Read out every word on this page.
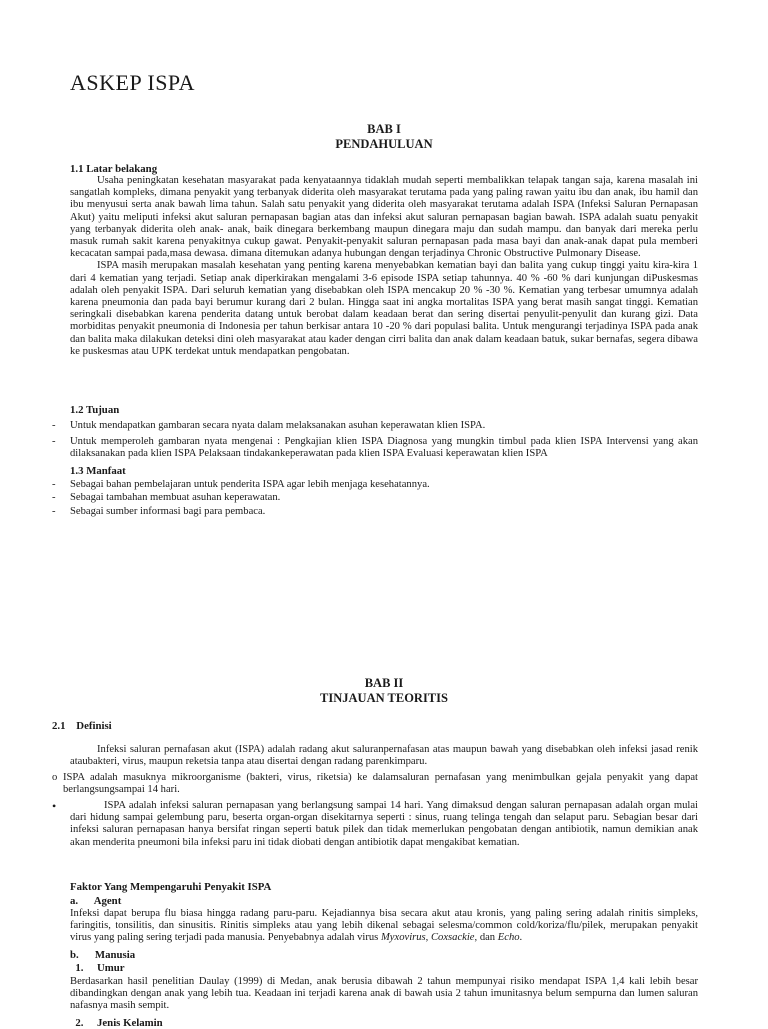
ASKEP ISPA
BAB I
PENDAHULUAN
1.1 Latar belakang

Usaha peningkatan kesehatan masyarakat pada kenyataannya tidaklah mudah seperti membalikkan telapak tangan saja, karena masalah ini sangatlah kompleks, dimana penyakit yang terbanyak diderita oleh masyarakat terutama pada yang paling rawan yaitu ibu dan anak, ibu hamil dan ibu menyusui serta anak bawah lima tahun. Salah satu penyakit yang diderita oleh masyarakat terutama adalah ISPA (Infeksi Saluran Pernapasan Akut) yaitu meliputi infeksi akut saluran pernapasan bagian atas dan infeksi akut saluran pernapasan bagian bawah. ISPA adalah suatu penyakit yang terbanyak diderita oleh anak- anak, baik dinegara berkembang maupun dinegara maju dan sudah mampu. dan banyak dari mereka perlu masuk rumah sakit karena penyakitnya cukup gawat. Penyakit-penyakit saluran pernapasan pada masa bayi dan anak-anak dapat pula memberi kecacatan sampai pada,masa dewasa. dimana ditemukan adanya hubungan dengan terjadinya Chronic Obstructive Pulmonary Disease.

ISPA masih merupakan masalah kesehatan yang penting karena menyebabkan kematian bayi dan balita yang cukup tinggi yaitu kira-kira 1 dari 4 kematian yang terjadi. Setiap anak diperkirakan mengalami 3-6 episode ISPA setiap tahunnya. 40 % -60 % dari kunjungan diPuskesmas adalah oleh penyakit ISPA. Dari seluruh kematian yang disebabkan oleh ISPA mencakup 20 % -30 %. Kematian yang terbesar umumnya adalah karena pneumonia dan pada bayi berumur kurang dari 2 bulan. Hingga saat ini angka mortalitas ISPA yang berat masih sangat tinggi. Kematian seringkali disebabkan karena penderita datang untuk berobat dalam keadaan berat dan sering disertai penyulit-penyulit dan kurang gizi. Data morbiditas penyakit pneumonia di Indonesia per tahun berkisar antara 10 -20 % dari populasi balita. Untuk mengurangi terjadinya ISPA pada anak dan balita maka dilakukan deteksi dini oleh masyarakat atau kader dengan cirri balita dan anak dalam keadaan batuk, sukar bernafas, segera dibawa ke puskesmas atau UPK terdekat untuk mendapatkan pengobatan.

1.2 Tujuan
- Untuk mendapatkan gambaran secara nyata dalam melaksanakan asuhan keperawatan klien ISPA.
- Untuk memperoleh gambaran nyata mengenai : Pengkajian klien ISPA Diagnosa yang mungkin timbul pada klien ISPA Intervensi yang akan dilaksanakan pada klien ISPA Pelaksaan tindakankeperawatan pada klien ISPA Evaluasi keperawatan klien ISPA
1.3 Manfaat
- Sebagai bahan pembelajaran untuk penderita ISPA agar lebih menjaga kesehatannya.
- Sebagai tambahan membuat asuhan keperawatan.
- Sebagai sumber informasi bagi para pembaca.
BAB II
TINJAUAN TEORITIS
2.1    Definisi

Infeksi saluran pernafasan akut (ISPA) adalah radang akut saluranpernafasan atas maupun bawah yang disebabkan oleh infeksi jasad renik ataubakteri, virus, maupun reketsia tanpa atau disertai dengan radang parenkimparu.

o ISPA adalah masuknya mikroorganisme (bakteri, virus, riketsia) ke dalamsaluran pernafasan yang menimbulkan gejala penyakit yang dapat berlangsungsampai 14 hari.
•	ISPA adalah infeksi saluran pernapasan yang berlangsung sampai 14 hari. Yang dimaksud dengan saluran pernapasan adalah organ mulai dari hidung sampai gelembung paru, beserta organ-organ disekitarnya seperti : sinus, ruang telinga tengah dan selaput paru. Sebagian besar dari infeksi saluran pernapasan hanya bersifat ringan seperti batuk pilek dan tidak memerlukan pengobatan dengan antibiotik, namun demikian anak akan menderita pneumoni bila infeksi paru ini tidak diobati dengan antibiotik dapat mengakibat kematian.

Faktor Yang Mempengaruhi Penyakit ISPA
a.      Agent

Infeksi dapat berupa flu biasa hingga radang paru-paru. Kejadiannya bisa secara akut atau kronis, yang paling sering adalah rinitis simpleks, faringitis, tonsilitis, dan sinusitis. Rinitis simpleks atau yang lebih dikenal sebagai selesma/common cold/koriza/flu/pilek, merupakan penyakit virus yang paling sering terjadi pada manusia. Penyebabnya adalah virus Myxovirus, Coxsackie, dan Echo.

b.      Manusia
1.     Umur
Berdasarkan hasil penelitian Daulay (1999) di Medan, anak berusia dibawah 2 tahun mempunyai risiko mendapat ISPA 1,4 kali lebih besar dibandingkan dengan anak yang lebih tua. Keadaan ini terjadi karena anak di bawah usia 2 tahun imunitasnya belum sempurna dan lumen saluran nafasnya masih sempit.
2.     Jenis Kelamin
